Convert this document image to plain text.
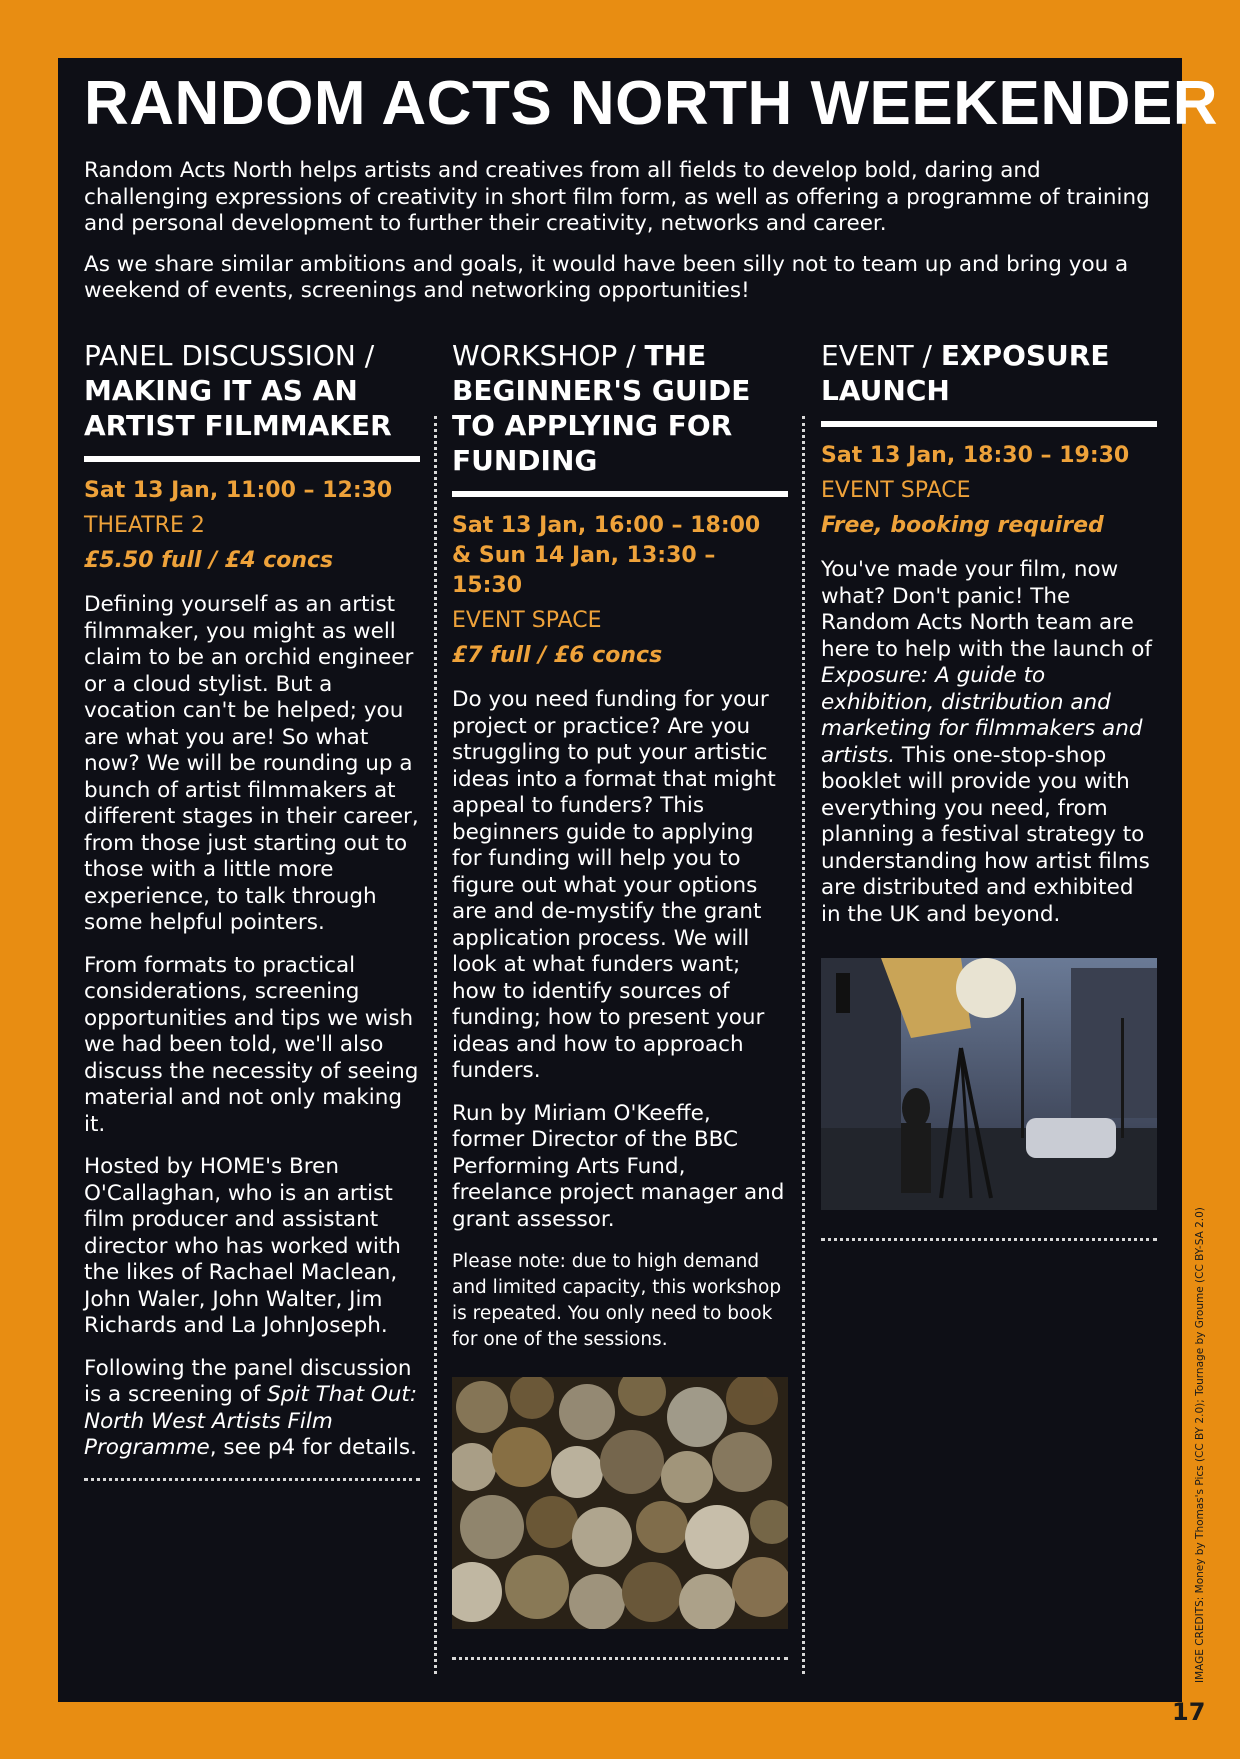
RANDOM ACTS NORTH WEEKENDER

Random Acts North helps artists and creatives from all fields to develop bold, daring and challenging expressions of creativity in short film form, as well as offering a programme of training and personal development to further their creativity, networks and career.

As we share similar ambitions and goals, it would have been silly not to team up and bring you a weekend of events, screenings and networking opportunities!

PANEL DISCUSSION / MAKING IT AS AN ARTIST FILMMAKER

Sat 13 Jan, 11:00 – 12:30

THEATRE 2

£5.50 full / £4 concs

Defining yourself as an artist filmmaker, you might as well claim to be an orchid engineer or a cloud stylist. But a vocation can't be helped; you are what you are! So what now? We will be rounding up a bunch of artist filmmakers at different stages in their career, from those just starting out to those with a little more experience, to talk through some helpful pointers.

From formats to practical considerations, screening opportunities and tips we wish we had been told, we'll also discuss the necessity of seeing material and not only making it.

Hosted by HOME's Bren O'Callaghan, who is an artist film producer and assistant director who has worked with the likes of Rachael Maclean, John Waler, John Walter, Jim Richards and La JohnJoseph.

Following the panel discussion is a screening of Spit That Out: North West Artists Film Programme, see p4 for details.

WORKSHOP / THE BEGINNER'S GUIDE TO APPLYING FOR FUNDING

Sat 13 Jan, 16:00 – 18:00
& Sun 14 Jan, 13:30 – 15:30

EVENT SPACE

£7 full / £6 concs

Do you need funding for your project or practice? Are you struggling to put your artistic ideas into a format that might appeal to funders? This beginners guide to applying for funding will help you to figure out what your options are and de-mystify the grant application process. We will look at what funders want; how to identify sources of funding; how to present your ideas and how to approach funders.

Run by Miriam O'Keeffe, former Director of the BBC Performing Arts Fund, freelance project manager and grant assessor.

Please note: due to high demand and limited capacity, this workshop is repeated. You only need to book for one of the sessions.

EVENT / EXPOSURE LAUNCH

Sat 13 Jan, 18:30 – 19:30

EVENT SPACE

Free, booking required

You've made your film, now what? Don't panic! The Random Acts North team are here to help with the launch of Exposure: A guide to exhibition, distribution and marketing for filmmakers and artists. This one-stop-shop booklet will provide you with everything you need, from planning a festival strategy to understanding how artist films are distributed and exhibited in the UK and beyond.

IMAGE CREDITS: Money by Thomas's Pics (CC BY 2.0); Tournage by Groume (CC BY-SA 2.0)
17
